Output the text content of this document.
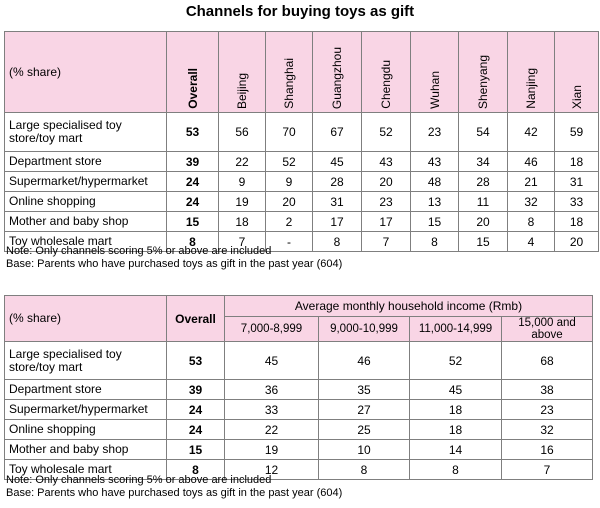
Channels for buying toys as gift
(% share)	Overall	Beijing	Shanghai	Guangzhou	Chengdu	Wuhan	Shenyang	Nanjing	Xian
Large specialised toy store/toy mart	53	56	70	67	52	23	54	42	59
Department store	39	22	52	45	43	43	34	46	18
Supermarket/hypermarket	24	9	9	28	20	48	28	21	31
Online shopping	24	19	20	31	23	13	11	32	33
Mother and baby shop	15	18	2	17	17	15	20	8	18
Toy wholesale mart	8	7	-	8	7	8	15	4	20
Note: Only channels scoring 5% or above are included
Base: Parents who have purchased toys as gift in the past year (604)
(% share)	Overall	Average monthly household income (Rmb)			
		7,000-8,999	9,000-10,999	11,000-14,999	15,000 and above
Large specialised toy store/toy mart	53	45	46	52	68
Department store	39	36	35	45	38
Supermarket/hypermarket	24	33	27	18	23
Online shopping	24	22	25	18	32
Mother and baby shop	15	19	10	14	16
Toy wholesale mart	8	12	8	8	7
Note: Only channels scoring 5% or above are included
Base: Parents who have purchased toys as gift in the past year (604)
